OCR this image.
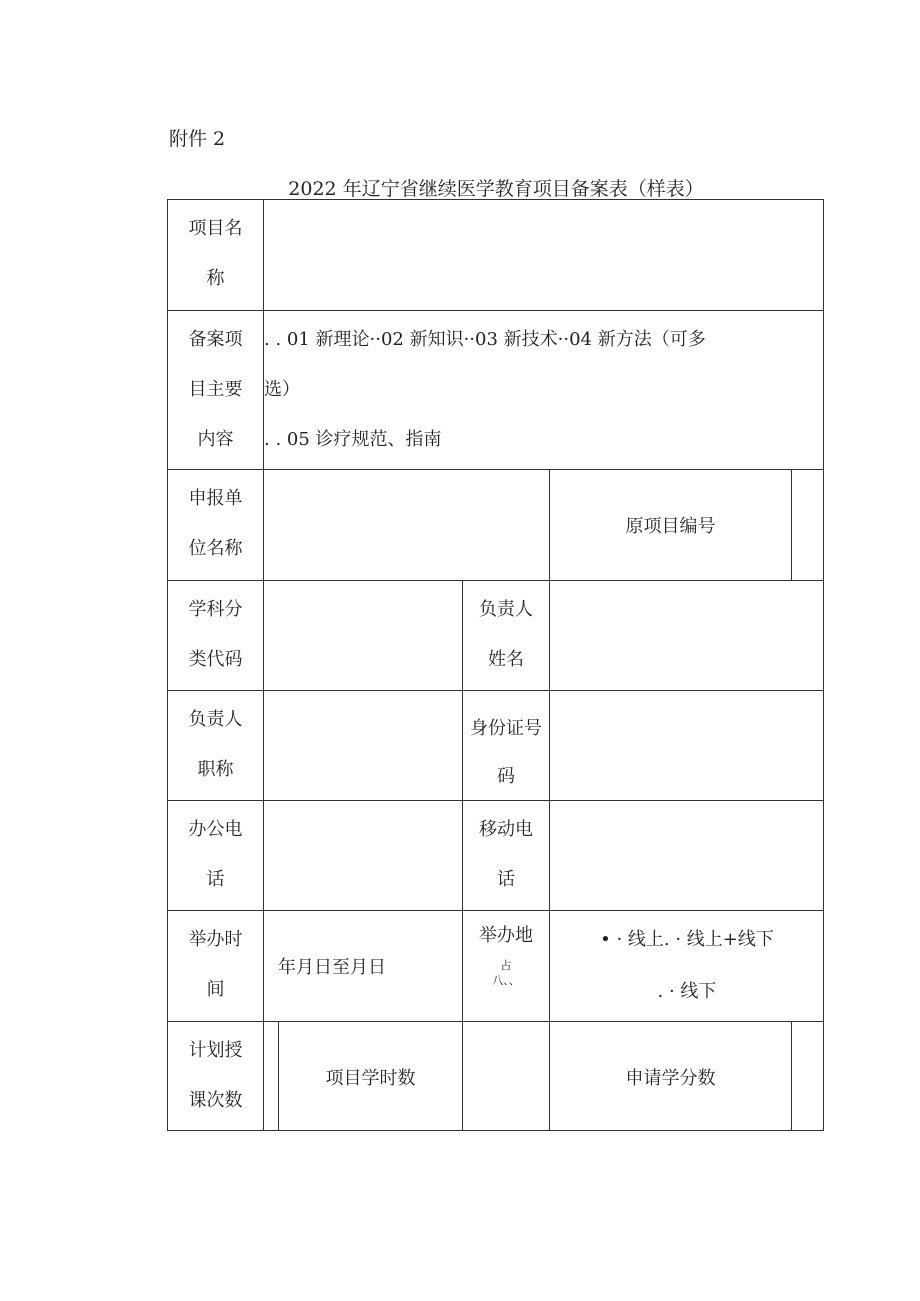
附件 2
2022 年辽宁省继续医学教育项目备案表（样表）
项目名
称
备案项
目主要
内容
. . 01 新理论··02 新知识··03 新技术··04 新方法（可多
选）
. . 05 诊疗规范、指南
申报单
位名称
原项目编号
学科分
类代码
负责人
姓名
负责人
职称
身份证号
码
办公电
话
移动电
话
举办时
间
年月日至月日
举办地
占
八、、
• · 线上. · 线上+线下
. · 线下
计划授
课次数
项目学时数	申请学分数
